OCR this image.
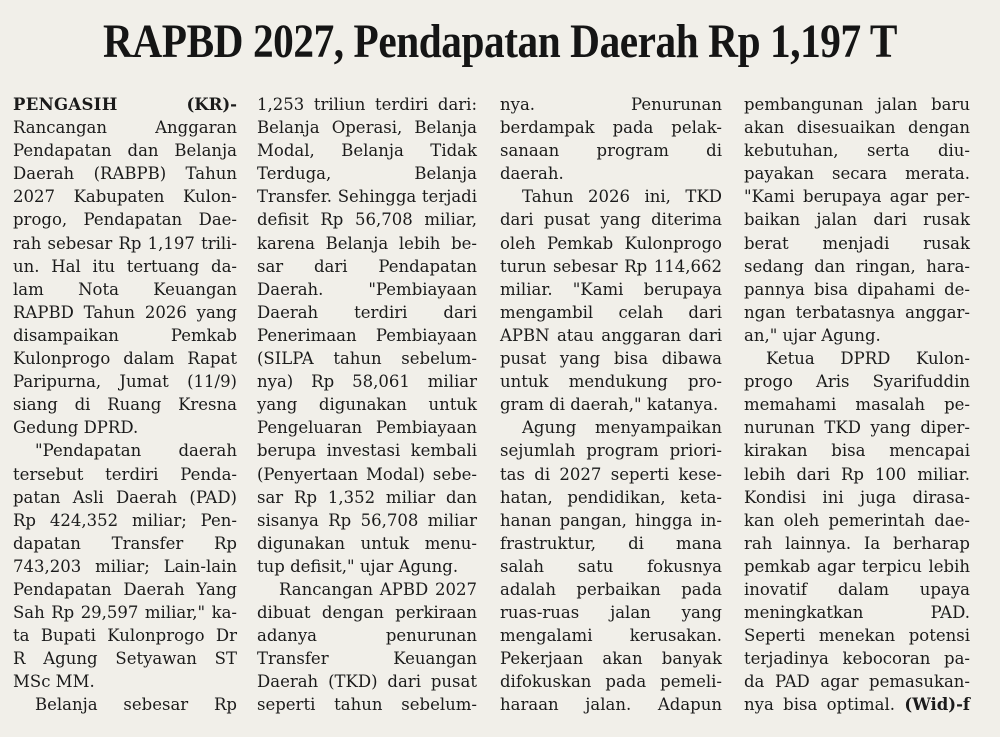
RAPBD 2027, Pendapatan Daerah Rp 1,197 T
PENGASIH	(KR)-
Rancangan Anggaran
Pendapatan dan Belanja
Daerah (RABPB) Tahun
2027 Kabupaten Kulon-
progo, Pendapatan Dae-
rah sebesar Rp 1,197 trili-
un. Hal itu tertuang da-
lam Nota Keuangan
RAPBD Tahun 2026 yang
disampaikan Pemkab
Kulonprogo dalam Rapat
Paripurna, Jumat (11/9)
siang di Ruang Kresna
Gedung DPRD.
"Pendapatan daerah
tersebut terdiri Penda-
patan Asli Daerah (PAD)
Rp 424,352 miliar; Pen-
dapatan Transfer Rp
743,203 miliar; Lain-lain
Pendapatan Daerah Yang
Sah Rp 29,597 miliar," ka-
ta Bupati Kulonprogo Dr
R Agung Setyawan ST
MSc MM.
Belanja sebesar Rp
1,253 triliun terdiri dari:
Belanja Operasi, Belanja
Modal, Belanja Tidak
Terduga, Belanja
Transfer. Sehingga terjadi
defisit Rp 56,708 miliar,
karena Belanja lebih be-
sar dari Pendapatan
Daerah. "Pembiayaan
Daerah terdiri dari
Penerimaan Pembiayaan
(SILPA tahun sebelum-
nya) Rp 58,061 miliar
yang digunakan untuk
Pengeluaran Pembiayaan
berupa investasi kembali
(Penyertaan Modal) sebe-
sar Rp 1,352 miliar dan
sisanya Rp 56,708 miliar
digunakan untuk menu-
tup defisit," ujar Agung.
Rancangan APBD 2027
dibuat dengan perkiraan
adanya penurunan
Transfer Keuangan
Daerah (TKD) dari pusat
seperti tahun sebelum-
nya. Penurunan
berdampak pada pelak-
sanaan program di
daerah.
Tahun 2026 ini, TKD
dari pusat yang diterima
oleh Pemkab Kulonprogo
turun sebesar Rp 114,662
miliar. "Kami berupaya
mengambil celah dari
APBN atau anggaran dari
pusat yang bisa dibawa
untuk mendukung pro-
gram di daerah," katanya.
Agung menyampaikan
sejumlah program priori-
tas di 2027 seperti kese-
hatan, pendidikan, keta-
hanan pangan, hingga in-
frastruktur, di mana
salah satu fokusnya
adalah perbaikan pada
ruas-ruas jalan yang
mengalami kerusakan.
Pekerjaan akan banyak
difokuskan pada pemeli-
haraan jalan. Adapun
pembangunan jalan baru
akan disesuaikan dengan
kebutuhan, serta diu-
payakan secara merata.
"Kami berupaya agar per-
baikan jalan dari rusak
berat menjadi rusak
sedang dan ringan, hara-
pannya bisa dipahami de-
ngan terbatasnya anggar-
an," ujar Agung.
Ketua DPRD Kulon-
progo Aris Syarifuddin
memahami masalah pe-
nurunan TKD yang diper-
kirakan bisa mencapai
lebih dari Rp 100 miliar.
Kondisi ini juga dirasa-
kan oleh pemerintah dae-
rah lainnya. Ia berharap
pemkab agar terpicu lebih
inovatif dalam upaya
meningkatkan PAD.
Seperti menekan potensi
terjadinya kebocoran pa-
da PAD agar pemasukan-
nya bisa optimal. (Wid)-f
